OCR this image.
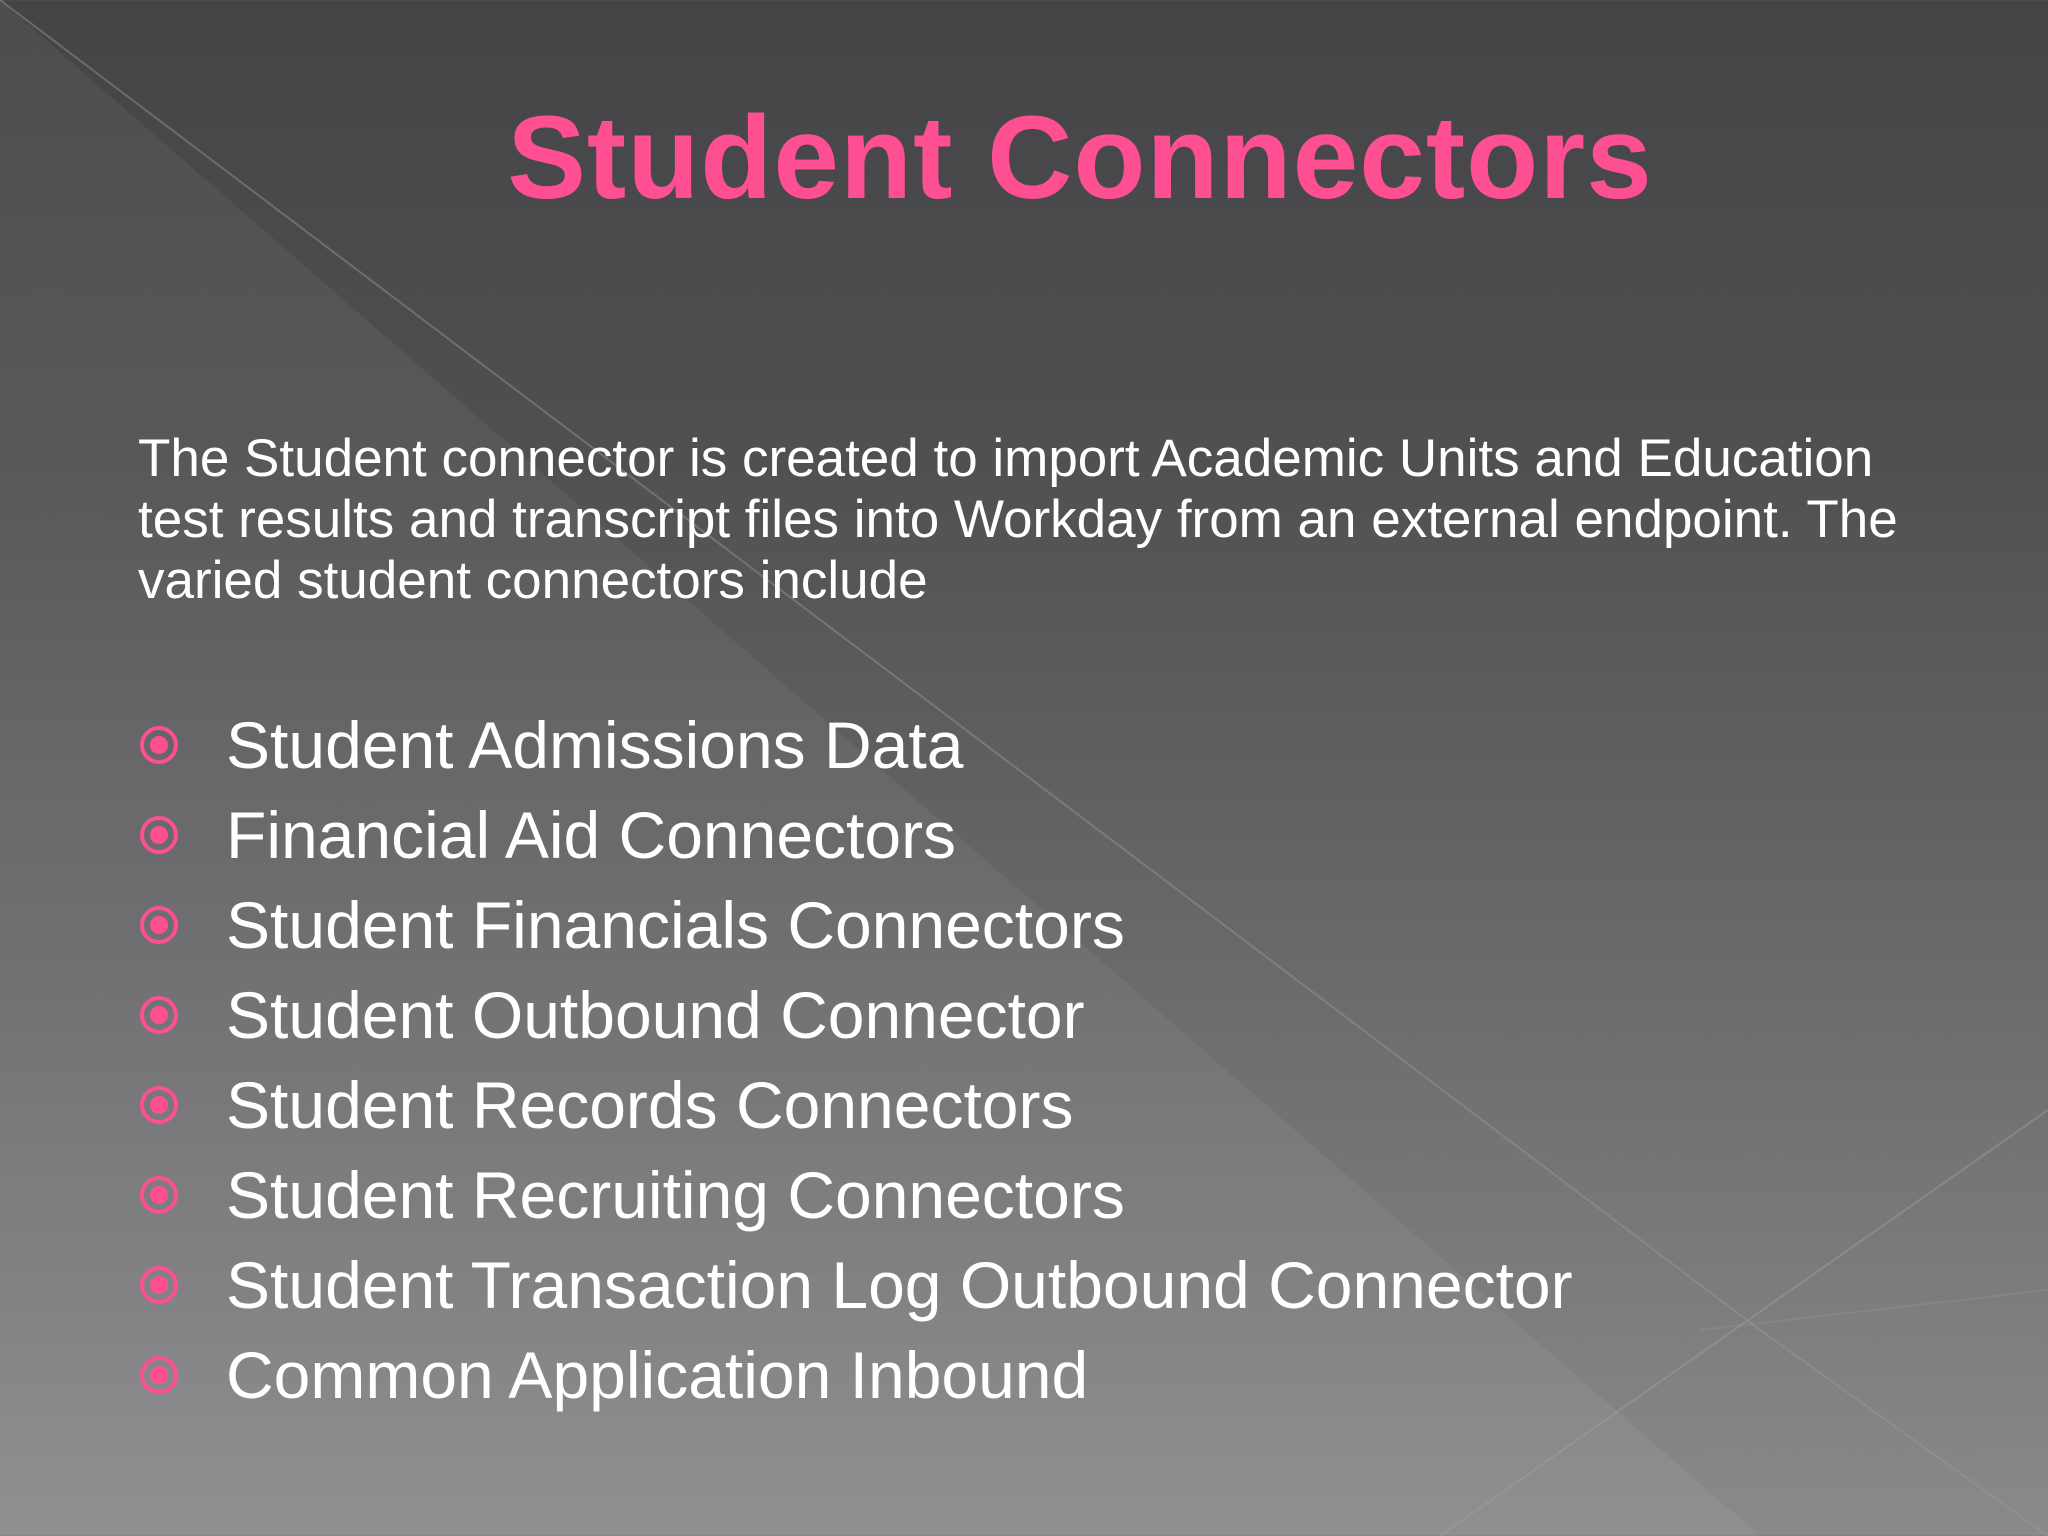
Student Connectors

The Student connector is created to import Academic Units and Education test results and transcript files into Workday from an external endpoint. The varied student connectors include

Student Admissions Data
Financial Aid Connectors
Student Financials Connectors
Student Outbound Connector
Student Records Connectors
Student Recruiting Connectors
Student Transaction Log Outbound Connector
Common Application Inbound
